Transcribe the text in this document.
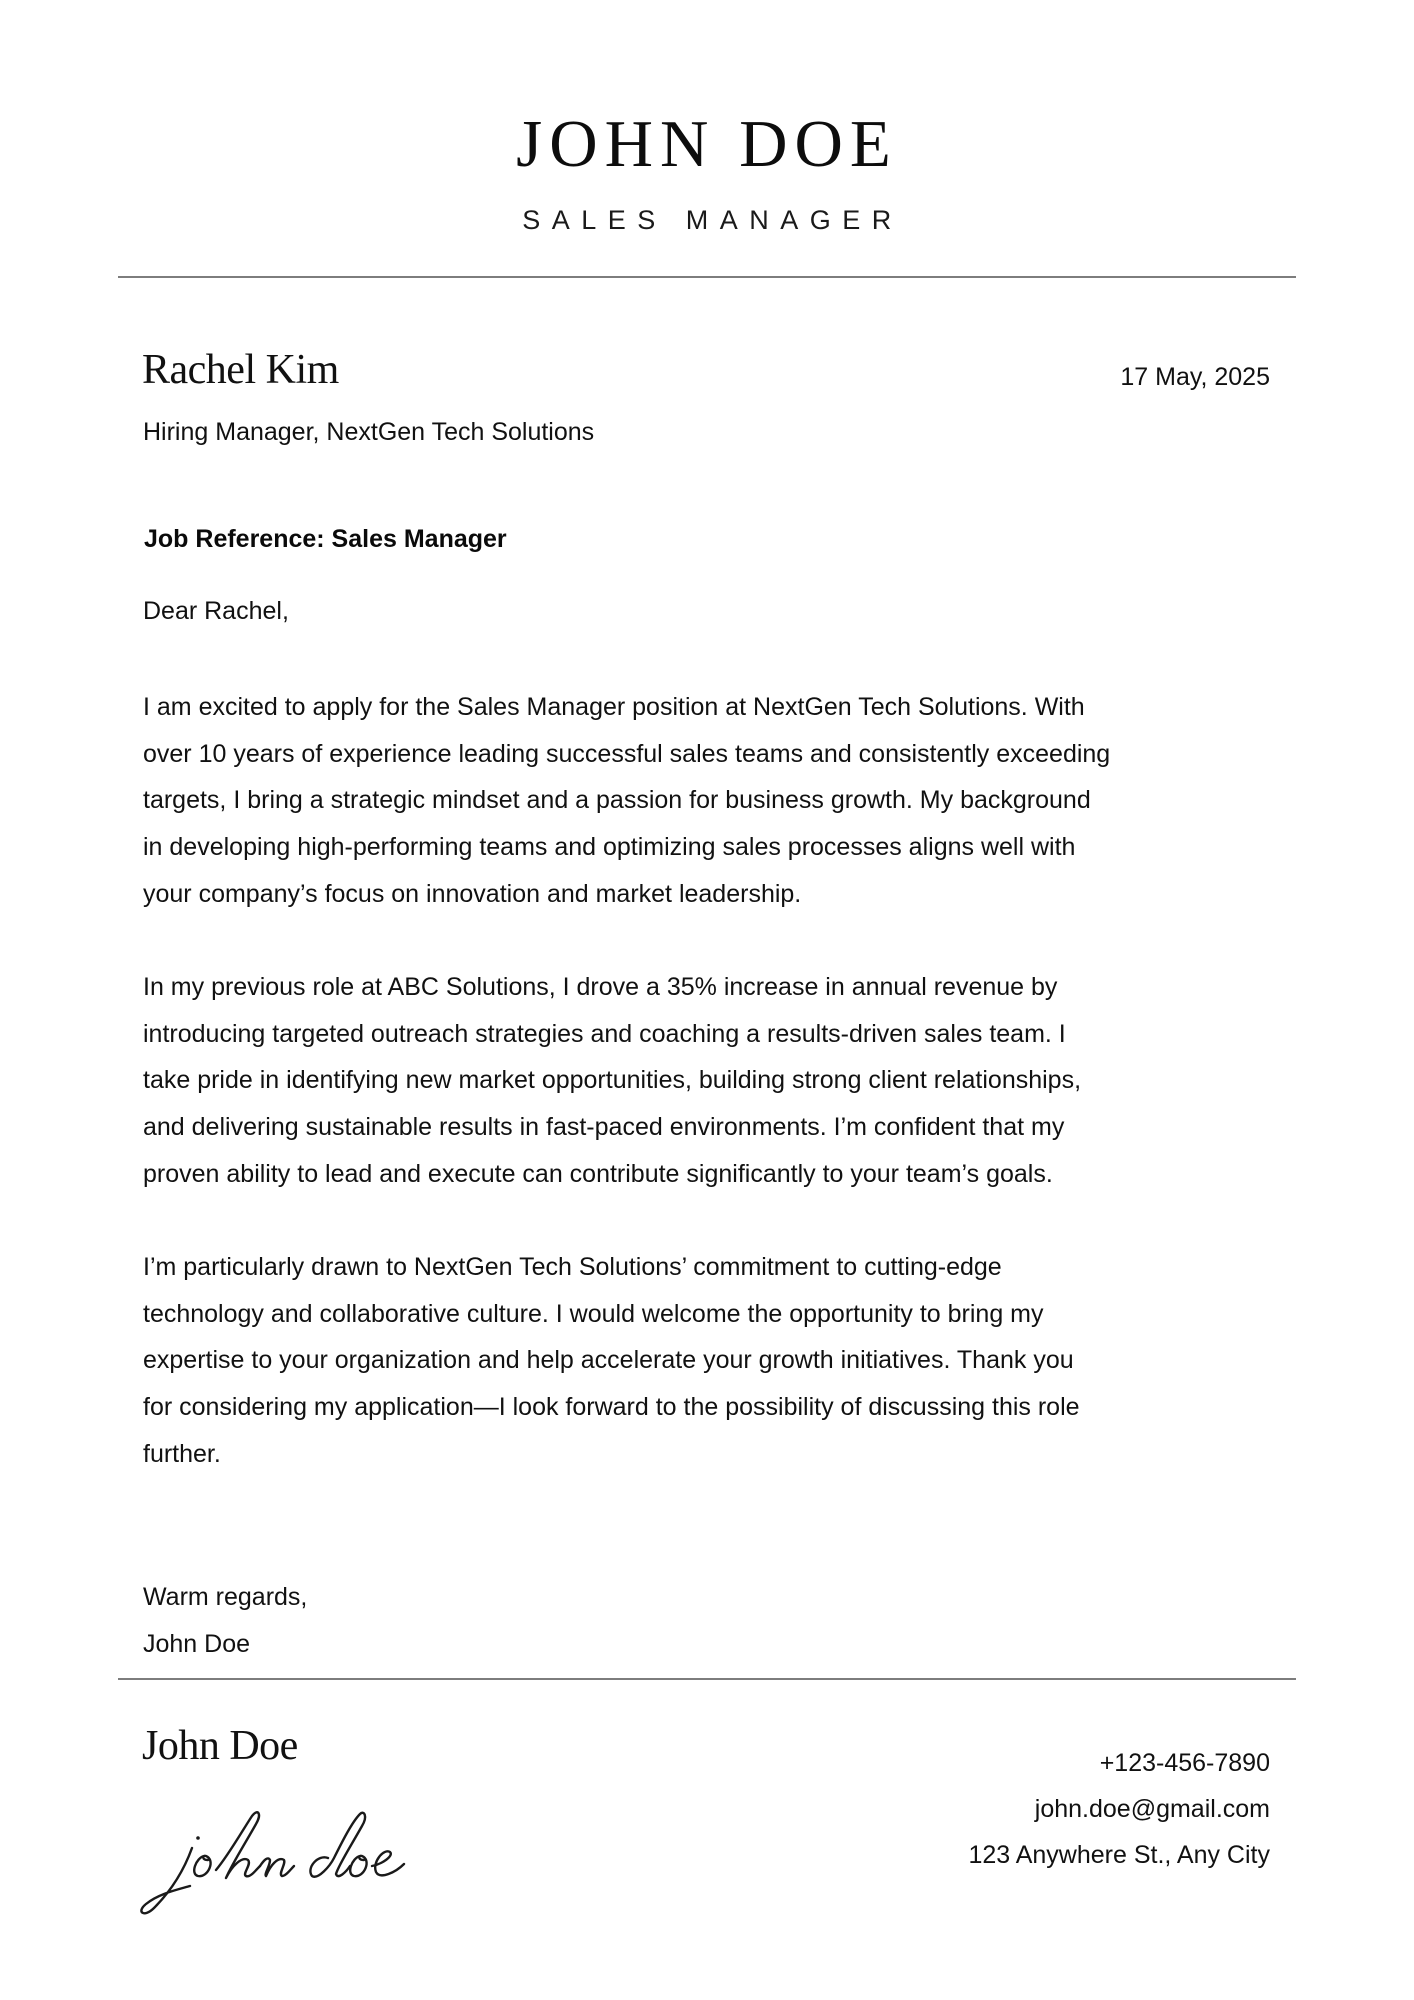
JOHN DOE
SALES MANAGER
Rachel Kim	17 May, 2025
Hiring Manager, NextGen Tech Solutions
Job Reference: Sales Manager
Dear Rachel,
I am excited to apply for the Sales Manager position at NextGen Tech Solutions. With
over 10 years of experience leading successful sales teams and consistently exceeding
targets, I bring a strategic mindset and a passion for business growth. My background
in developing high-performing teams and optimizing sales processes aligns well with
your company’s focus on innovation and market leadership.
In my previous role at ABC Solutions, I drove a 35% increase in annual revenue by
introducing targeted outreach strategies and coaching a results-driven sales team. I
take pride in identifying new market opportunities, building strong client relationships,
and delivering sustainable results in fast-paced environments. I’m confident that my
proven ability to lead and execute can contribute significantly to your team’s goals.
I’m particularly drawn to NextGen Tech Solutions’ commitment to cutting-edge
technology and collaborative culture. I would welcome the opportunity to bring my
expertise to your organization and help accelerate your growth initiatives. Thank you
for considering my application—I look forward to the possibility of discussing this role
further.
Warm regards,
John Doe
John Doe	+123-456-7890
john.doe@gmail.com
123 Anywhere St., Any City
